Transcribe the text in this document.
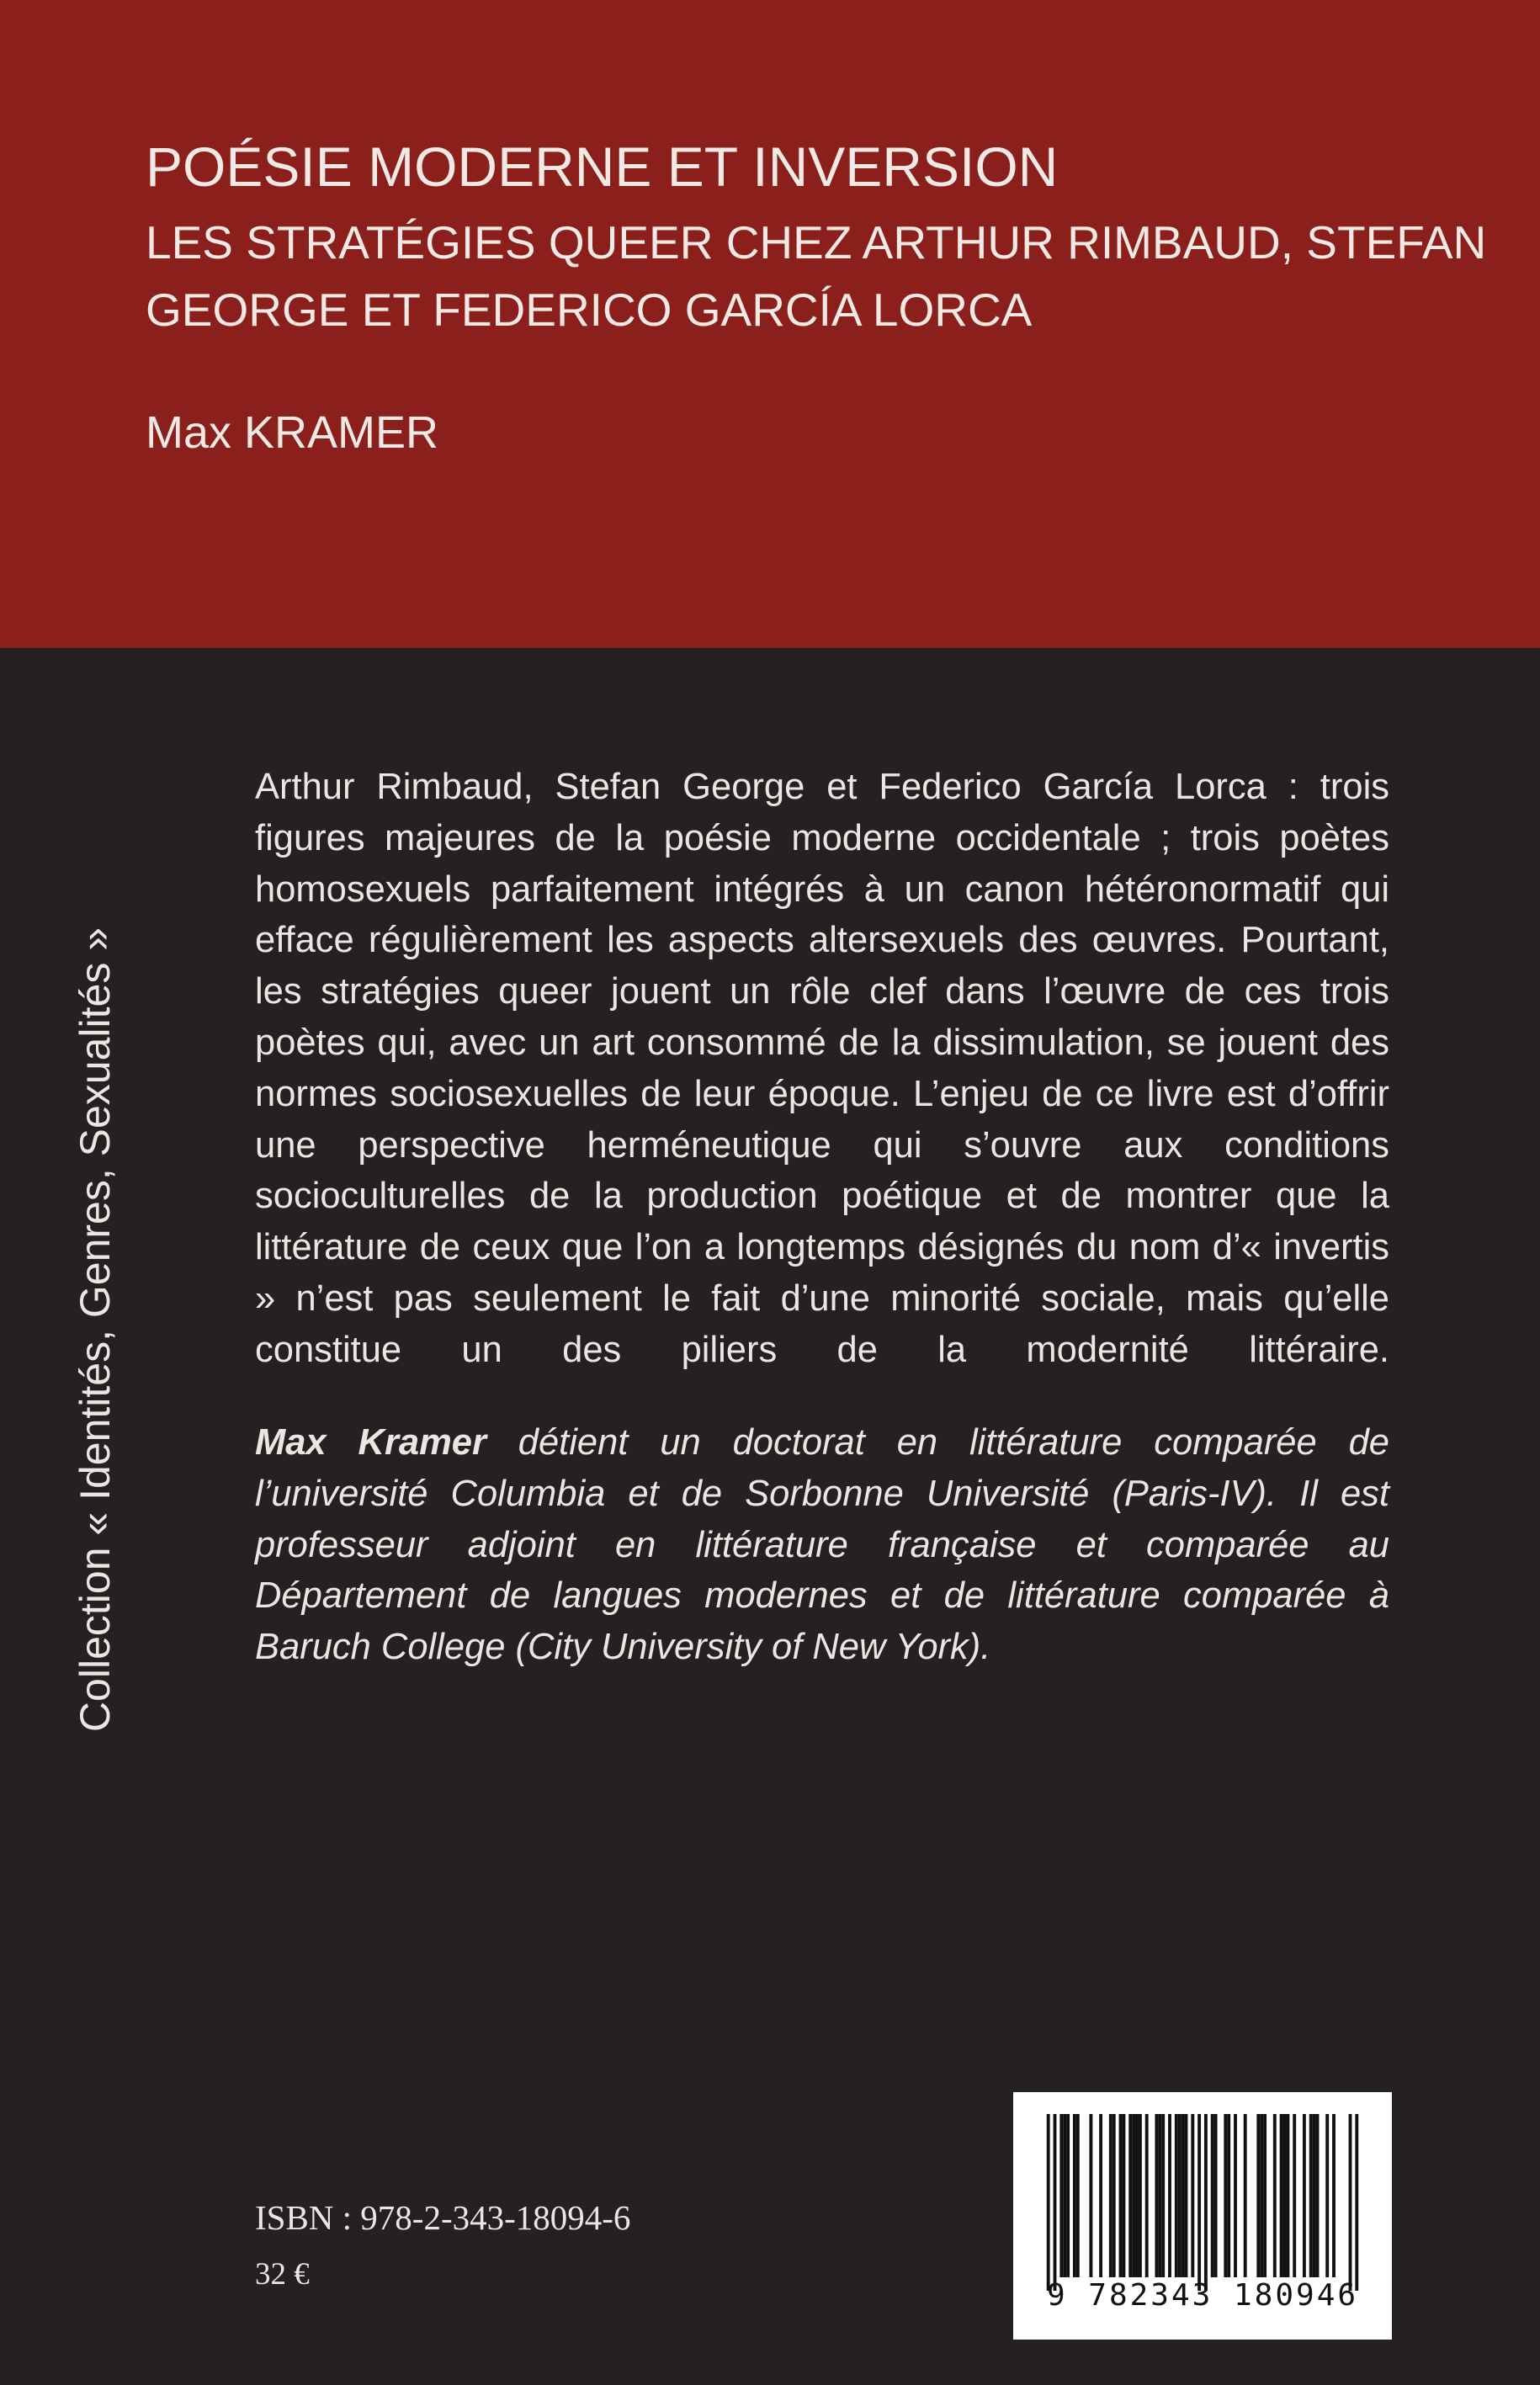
POÉSIE MODERNE ET INVERSION
LES STRATÉGIES QUEER CHEZ ARTHUR RIMBAUD, STEFAN GEORGE ET FEDERICO GARCÍA LORCA
Max KRAMER
Collection « Identités, Genres, Sexualités »

Arthur Rimbaud, Stefan George et Federico García Lorca : trois figures majeures de la poésie moderne occidentale ; trois poètes homosexuels parfaitement intégrés à un canon hétéronormatif qui efface régulièrement les aspects altersexuels des œuvres. Pourtant, les stratégies queer jouent un rôle clef dans l’œuvre de ces trois poètes qui, avec un art consommé de la dissimulation, se jouent des normes sociosexuelles de leur époque. L’enjeu de ce livre est d’offrir une perspective herméneutique qui s’ouvre aux conditions socioculturelles de la production poétique et de montrer que la littérature de ceux que l’on a longtemps désignés du nom d’« invertis » n’est pas seulement le fait d’une minorité sociale, mais qu’elle constitue un des piliers de la modernité littéraire.

Max Kramer détient un doctorat en littérature comparée de l’université Columbia et de Sorbonne Université (Paris-IV). Il est professeur adjoint en littérature française et comparée au Département de langues modernes et de littérature comparée à Baruch College (City University of New York).

ISBN : 978-2-343-18094-6
32 €
9 782343 180946
